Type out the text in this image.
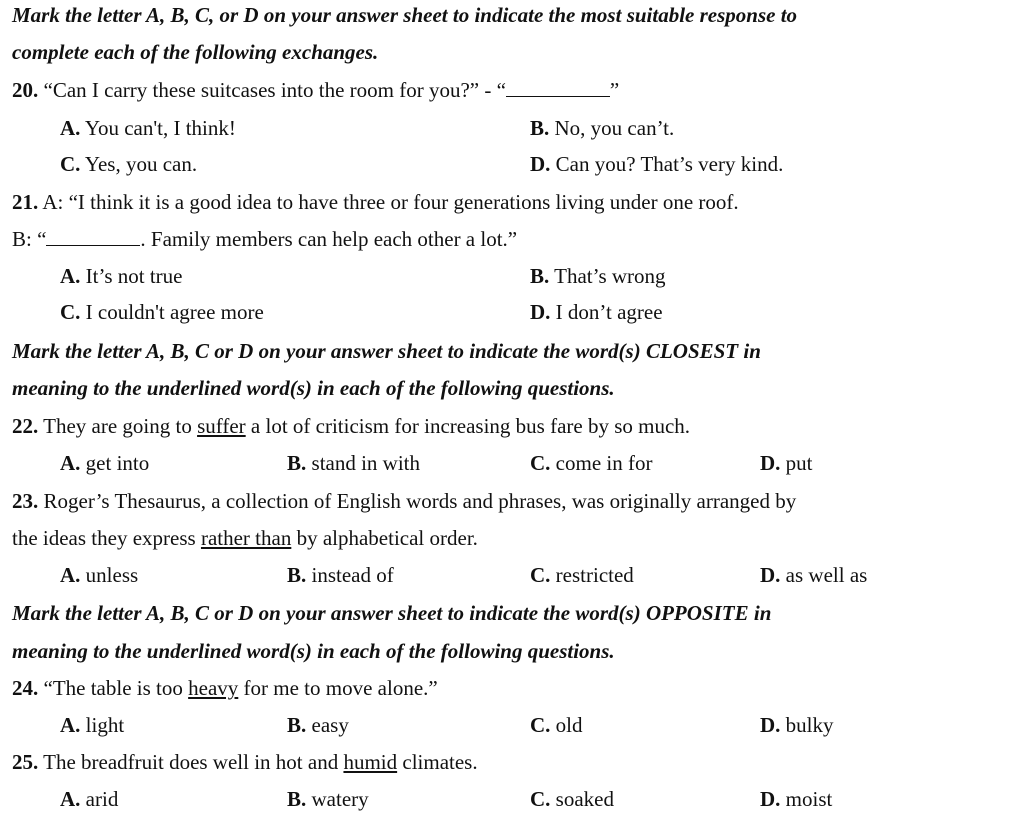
Mark the letter A, B, C, or D on your answer sheet to indicate the most suitable response to
complete each of the following exchanges.
20. “Can I carry these suitcases into the room for you?” - “	”
A. You can't, I think!	B. No, you can’t.
C. Yes, you can.	D. Can you? That’s very kind.
21. A: “I think it is a good idea to have three or four generations living under one roof.
B: “	. Family members can help each other a lot.”
A. It’s not true	B. That’s wrong
C. I couldn't agree more	D. I don’t agree
Mark the letter A, B, C or D on your answer sheet to indicate the word(s) CLOSEST in
meaning to the underlined word(s) in each of the following questions.
22. They are going to suffer a lot of criticism for increasing bus fare by so much.
A. get into	B. stand in with	C. come in for	D. put
23. Roger’s Thesaurus, a collection of English words and phrases, was originally arranged by
the ideas they express rather than by alphabetical order.
A. unless	B. instead of	C. restricted	D. as well as
Mark the letter A, B, C or D on your answer sheet to indicate the word(s) OPPOSITE in
meaning to the underlined word(s) in each of the following questions.
24. “The table is too heavy for me to move alone.”
A. light	B. easy	C. old	D. bulky
25. The breadfruit does well in hot and humid climates.
A. arid	B. watery	C. soaked	D. moist
